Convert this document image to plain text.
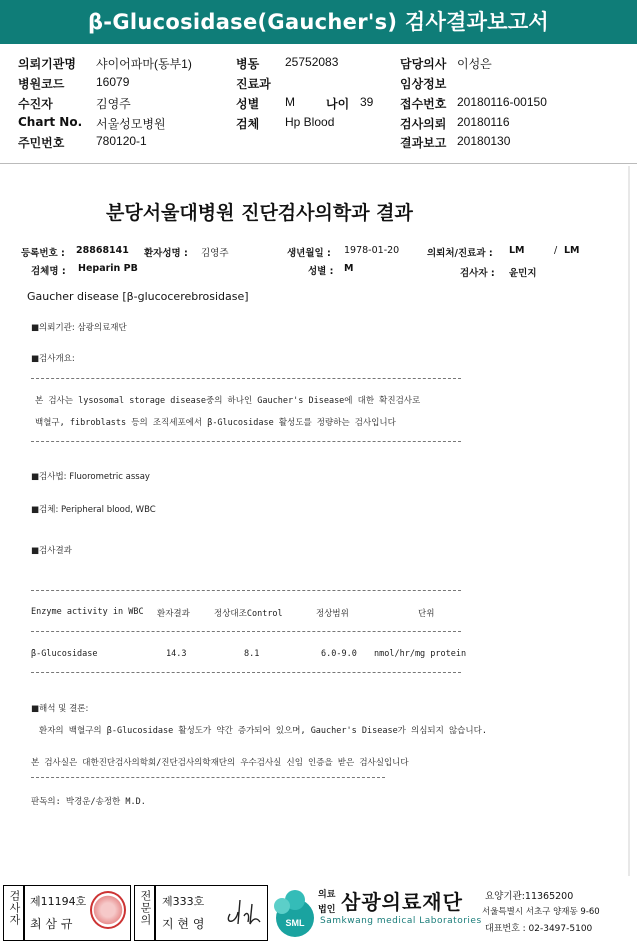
β-Glucosidase(Gaucher's) 검사결과보고서
의뢰기관명 샤이어파마(동부1)
병원코드	16079
수진자	김영주
Chart No. 서울성모병원
주민번호	780120-1
병동 25752083
진료과
성별 M	나이 39
검체 Hp Blood
담당의사 이성은
임상정보
접수번호 20180116-00150
검사의뢰 20180116
결과보고 20180130
분당서울대병원 진단검사의학과 결과
등록번호 : 28868141 환자성명 : 김영주	생년월일 : 1978-01-20	의뢰처/진료과 : LM	/ LM
검체명 : Heparin PB	성별 : M	검사자 : 윤민지
Gaucher disease [β-glucocerebrosidase]
■의뢰기관: 삼광의료재단
■검사개요:
본 검사는 lysosomal storage disease중의 하나인 Gaucher's Disease에 대한 확진검사로
백혈구, fibroblasts 등의 조직세포에서 β-Glucosidase 활성도를 정량하는 검사입니다
■검사법: Fluorometric assay
■검체: Peripheral blood, WBC
■검사결과
Enzyme activity in WBC 환자결과	정상대조Control	정상범위	단위
β-Glucosidase	14.3	8.1	6.0-9.0 nmol/hr/mg protein
■해석 및 결론:
환자의 백혈구의 β-Glucosidase 활성도가 약간 증가되어 있으며, Gaucher's Disease가 의심되지 않습니다.
본 검사실은 대한진단검사의학회/진단검사의학재단의 우수검사실 신임 인증을 받은 검사실입니다
판독의: 박경운/송정한 M.D.
검사자 제11194호
최 삼 규	전문의 제333호
지 현 영	SML
의료
법인 삼광의료재단
Samkwang medical Laboratories
요양기관:11365200
서울특별시 서초구 양재동 9-60
대표번호 : 02-3497-5100
